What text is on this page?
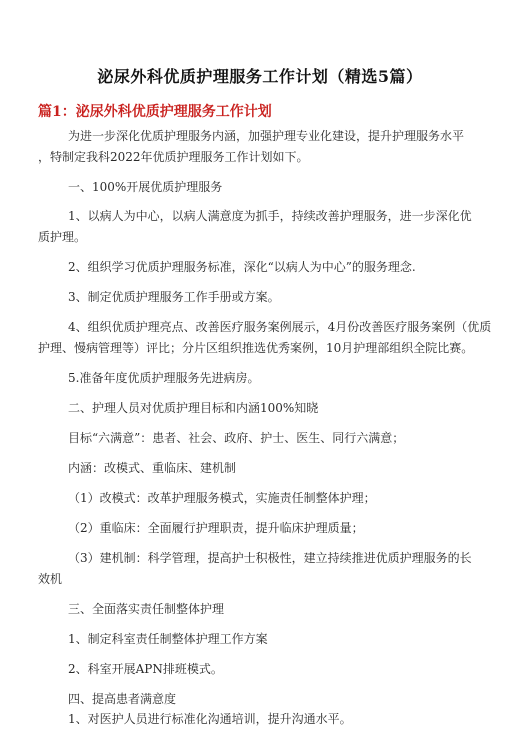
泌尿外科优质护理服务工作计划（精选5篇）
篇1：泌尿外科优质护理服务工作计划
为进一步深化优质护理服务内涵，加强护理专业化建设，提升护理服务水平
，特制定我科2022年优质护理服务工作计划如下。
一、100%开展优质护理服务
1、以病人为中心，以病人满意度为抓手，持续改善护理服务，进一步深化优
质护理。
2、组织学习优质护理服务标准，深化“以病人为中心”的服务理念.
3、制定优质护理服务工作手册或方案。
4、组织优质护理亮点、改善医疗服务案例展示，4月份改善医疗服务案例（优质
护理、慢病管理等）评比；分片区组织推选优秀案例，10月护理部组织全院比赛。
5.准备年度优质护理服务先进病房。
二、护理人员对优质护理目标和内涵100%知晓
目标“六满意”：患者、社会、政府、护士、医生、同行六满意；
内涵：改模式、重临床、建机制
（1）改模式：改革护理服务模式，实施责任制整体护理；
（2）重临床：全面履行护理职责，提升临床护理质量；
（3）建机制：科学管理，提高护士积极性，建立持续推进优质护理服务的长
效机
三、全面落实责任制整体护理
1、制定科室责任制整体护理工作方案
2、科室开展APN排班模式。
四、提高患者满意度
1、对医护人员进行标准化沟通培训，提升沟通水平。
